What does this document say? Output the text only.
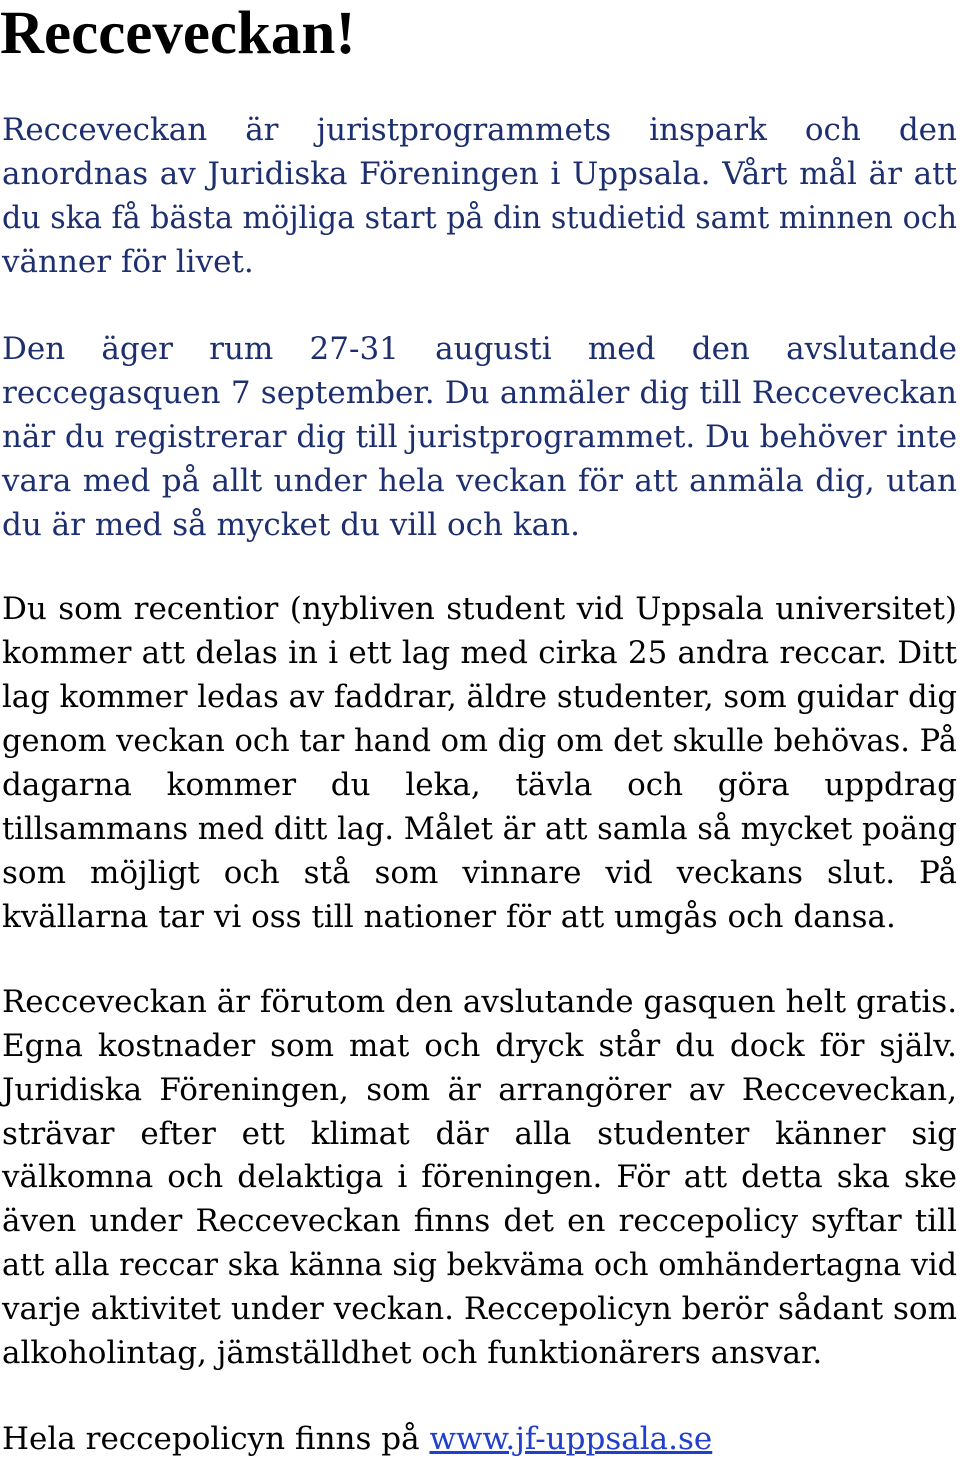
Recceveckan!

Recceveckan är juristprogrammets inspark och den

anordnas av Juridiska Föreningen i Uppsala. Vårt mål är att

du ska få bästa möjliga start på din studietid samt minnen och

vänner för livet.

Den äger rum 27-31 augusti med den avslutande

reccegasquen 7 september. Du anmäler dig till Recceveckan

när du registrerar dig till juristprogrammet. Du behöver inte

vara med på allt under hela veckan för att anmäla dig, utan

du är med så mycket du vill och kan.

Du som recentior (nybliven student vid Uppsala universitet)

kommer att delas in i ett lag med cirka 25 andra reccar. Ditt

lag kommer ledas av faddrar, äldre studenter, som guidar dig

genom veckan och tar hand om dig om det skulle behövas. På

dagarna kommer du leka, tävla och göra uppdrag

tillsammans med ditt lag. Målet är att samla så mycket poäng

som möjligt och stå som vinnare vid veckans slut. På

kvällarna tar vi oss till nationer för att umgås och dansa.

Recceveckan är förutom den avslutande gasquen helt gratis.

Egna kostnader som mat och dryck står du dock för själv.

Juridiska Föreningen, som är arrangörer av Recceveckan,

strävar efter ett klimat där alla studenter känner sig

välkomna och delaktiga i föreningen. För att detta ska ske

även under Recceveckan finns det en reccepolicy syftar till

att alla reccar ska känna sig bekväma och omhändertagna vid

varje aktivitet under veckan. Reccepolicyn berör sådant som

alkoholintag, jämställdhet och funktionärers ansvar.

Hela reccepolicyn finns på www.jf-uppsala.se
